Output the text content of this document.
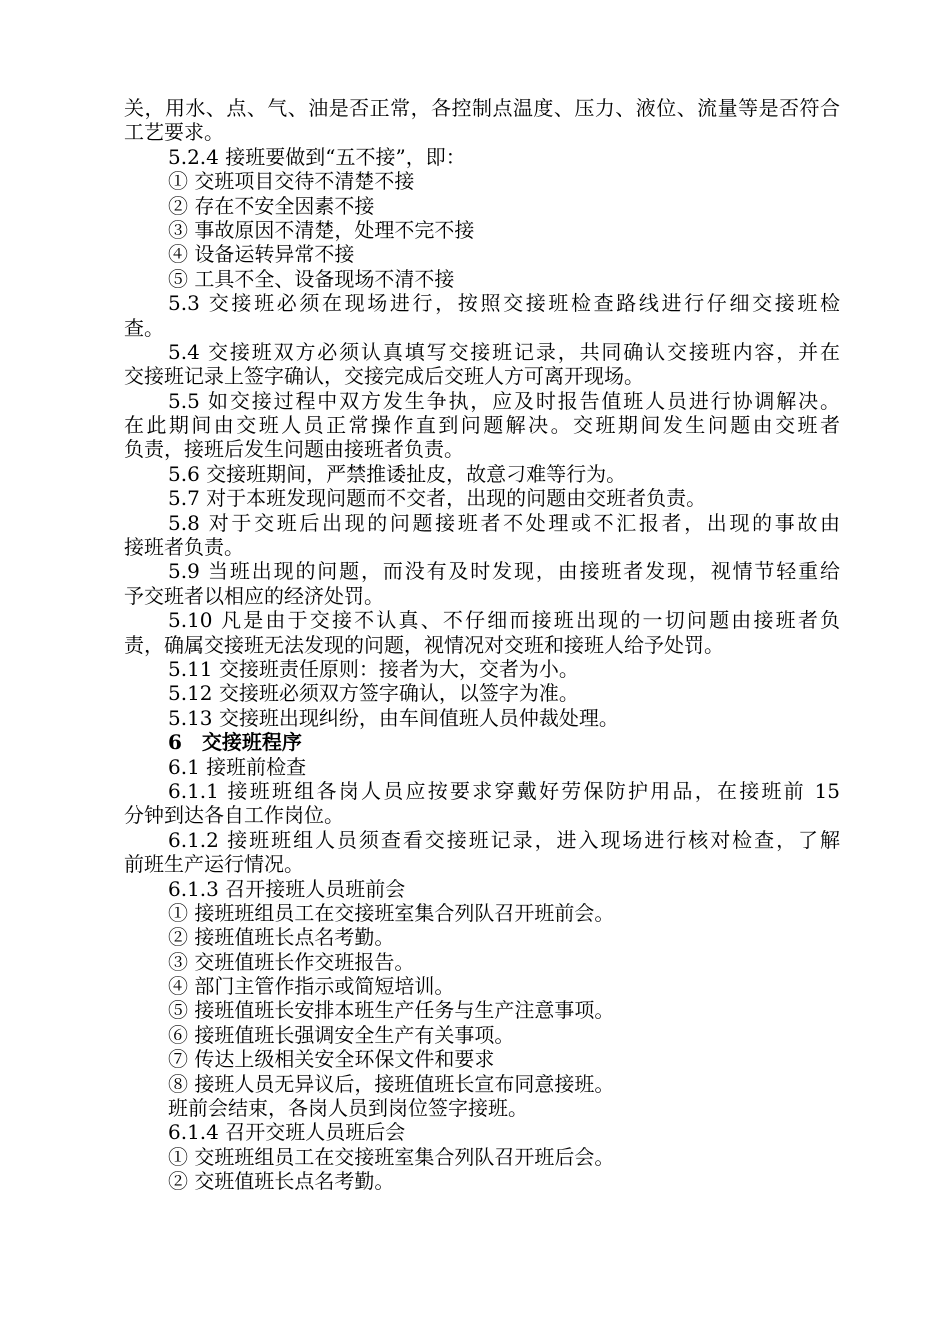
关，用水、点、气、油是否正常，各控制点温度、压力、液位、流量等是否符合
工艺要求。
5.2.4 接班要做到“五不接”，即：
① 交班项目交待不清楚不接
② 存在不安全因素不接
③ 事故原因不清楚，处理不完不接
④ 设备运转异常不接
⑤ 工具不全、设备现场不清不接
5.3 交接班必须在现场进行，按照交接班检查路线进行仔细交接班检
查。
5.4 交接班双方必须认真填写交接班记录，共同确认交接班内容，并在
交接班记录上签字确认，交接完成后交班人方可离开现场。
5.5 如交接过程中双方发生争执，应及时报告值班人员进行协调解决。
在此期间由交班人员正常操作直到问题解决。交班期间发生问题由交班者
负责，接班后发生问题由接班者负责。
5.6 交接班期间，严禁推诿扯皮，故意刁难等行为。
5.7 对于本班发现问题而不交者，出现的问题由交班者负责。
5.8 对于交班后出现的问题接班者不处理或不汇报者，出现的事故由
接班者负责。
5.9 当班出现的问题，而没有及时发现，由接班者发现，视情节轻重给
予交班者以相应的经济处罚。
5.10 凡是由于交接不认真、不仔细而接班出现的一切问题由接班者负
责，确属交接班无法发现的问题，视情况对交班和接班人给予处罚。
5.11 交接班责任原则：接者为大，交者为小。
5.12 交接班必须双方签字确认，以签字为准。
5.13 交接班出现纠纷，由车间值班人员仲裁处理。
6　交接班程序
6.1 接班前检查
6.1.1 接班班组各岗人员应按要求穿戴好劳保防护用品，在接班前 15
分钟到达各自工作岗位。
6.1.2 接班班组人员须查看交接班记录，进入现场进行核对检查，了解
前班生产运行情况。
6.1.3 召开接班人员班前会
① 接班班组员工在交接班室集合列队召开班前会。
② 接班值班长点名考勤。
③ 交班值班长作交班报告。
④ 部门主管作指示或简短培训。
⑤ 接班值班长安排本班生产任务与生产注意事项。
⑥ 接班值班长强调安全生产有关事项。
⑦ 传达上级相关安全环保文件和要求
⑧ 接班人员无异议后，接班值班长宣布同意接班。
班前会结束，各岗人员到岗位签字接班。
6.1.4 召开交班人员班后会
① 交班班组员工在交接班室集合列队召开班后会。
② 交班值班长点名考勤。
